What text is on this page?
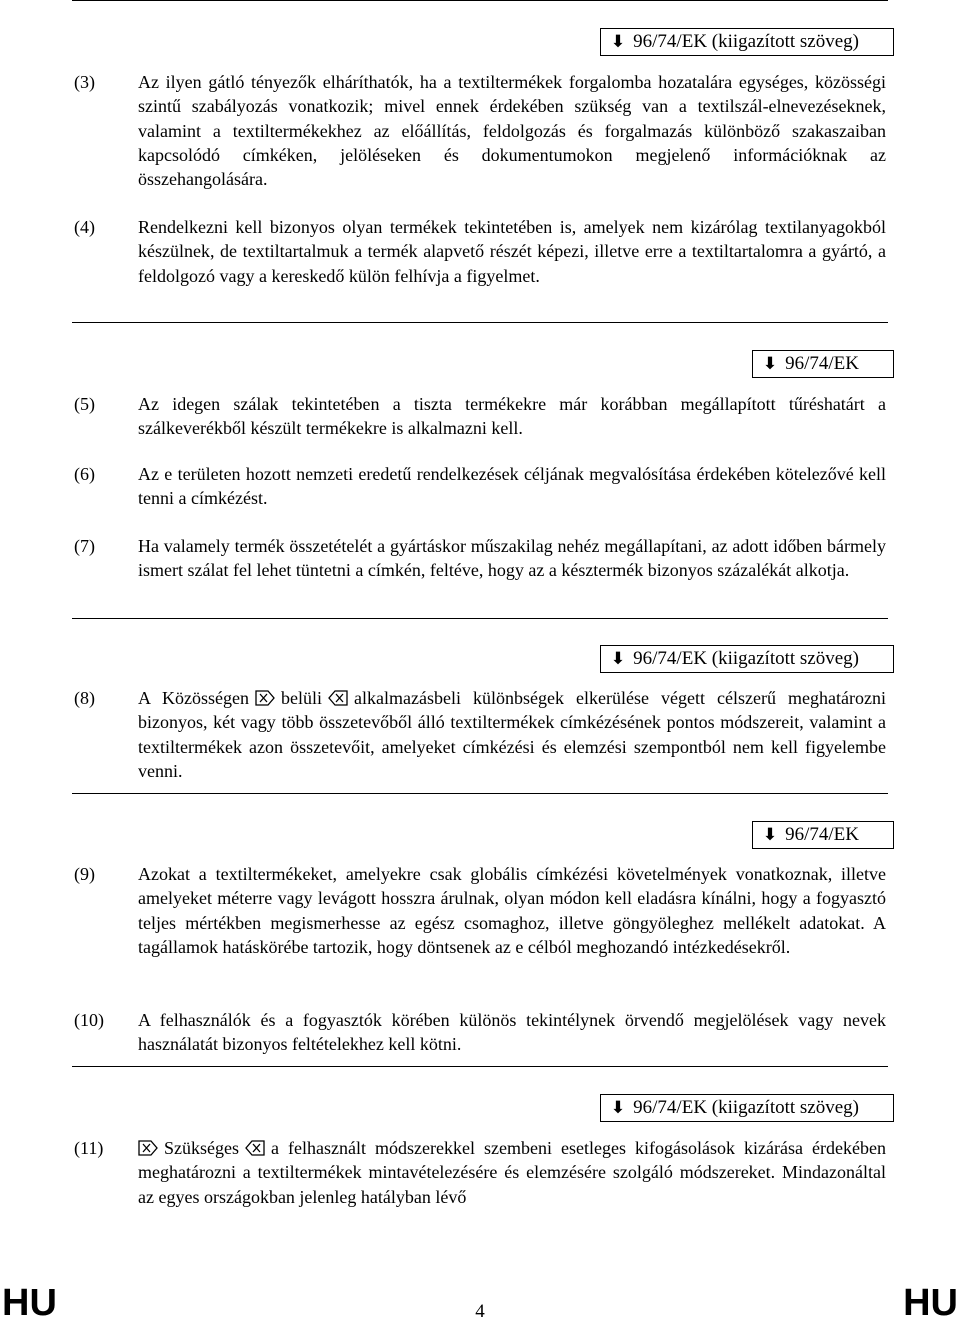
⬇ 96/74/EK (kiigazított szöveg)
(3) Az ilyen gátló tényezők elháríthatók, ha a textiltermékek forgalomba hozatalára egységes, közösségi szintű szabályozás vonatkozik; mivel ennek érdekében szükség van a textilszál-elnevezéseknek, valamint a textiltermékekhez az előállítás, feldolgozás és forgalmazás különböző szakaszaiban kapcsolódó címkéken, jelöléseken és dokumentumokon megjelenő információknak az összehangolására.
(4) Rendelkezni kell bizonyos olyan termékek tekintetében is, amelyek nem kizárólag textilanyagokból készülnek, de textiltartalmuk a termék alapvető részét képezi, illetve erre a textiltartalomra a gyártó, a feldolgozó vagy a kereskedő külön felhívja a figyelmet.
⬇ 96/74/EK
(5) Az idegen szálak tekintetében a tiszta termékekre már korábban megállapított tűréshatárt a szálkeverékből készült termékekre is alkalmazni kell.
(6) Az e területen hozott nemzeti eredetű rendelkezések céljának megvalósítása érdekében kötelezővé kell tenni a címkézést.
(7) Ha valamely termék összetételét a gyártáskor műszakilag nehéz megállapítani, az adott időben bármely ismert szálat fel lehet tüntetni a címkén, feltéve, hogy az a késztermék bizonyos százalékát alkotja.
⬇ 96/74/EK (kiigazított szöveg)
(8) A Közösségen belüli alkalmazásbeli különbségek elkerülése végett célszerű meghatározni bizonyos, két vagy több összetevőből álló textiltermékek címkézésének pontos módszereit, valamint a textiltermékek azon összetevőit, amelyeket címkézési és elemzési szempontból nem kell figyelembe venni.
⬇ 96/74/EK
(9) Azokat a textiltermékeket, amelyekre csak globális címkézési követelmények vonatkoznak, illetve amelyeket méterre vagy levágott hosszra árulnak, olyan módon kell eladásra kínálni, hogy a fogyasztó teljes mértékben megismerhesse az egész csomaghoz, illetve göngyöleghez mellékelt adatokat. A tagállamok hatáskörébe tartozik, hogy döntsenek az e célból meghozandó intézkedésekről.
(10) A felhasználók és a fogyasztók körében különös tekintélynek örvendő megjelölések vagy nevek használatát bizonyos feltételekhez kell kötni.
⬇ 96/74/EK (kiigazított szöveg)
(11)	Szükséges a felhasznált módszerekkel szembeni esetleges kifogásolások kizárása érdekében meghatározni a textiltermékek mintavételezésére és elemzésére szolgáló módszereket. Mindazonáltal az egyes országokban jelenleg hatályban lévő
HU	4	HU
